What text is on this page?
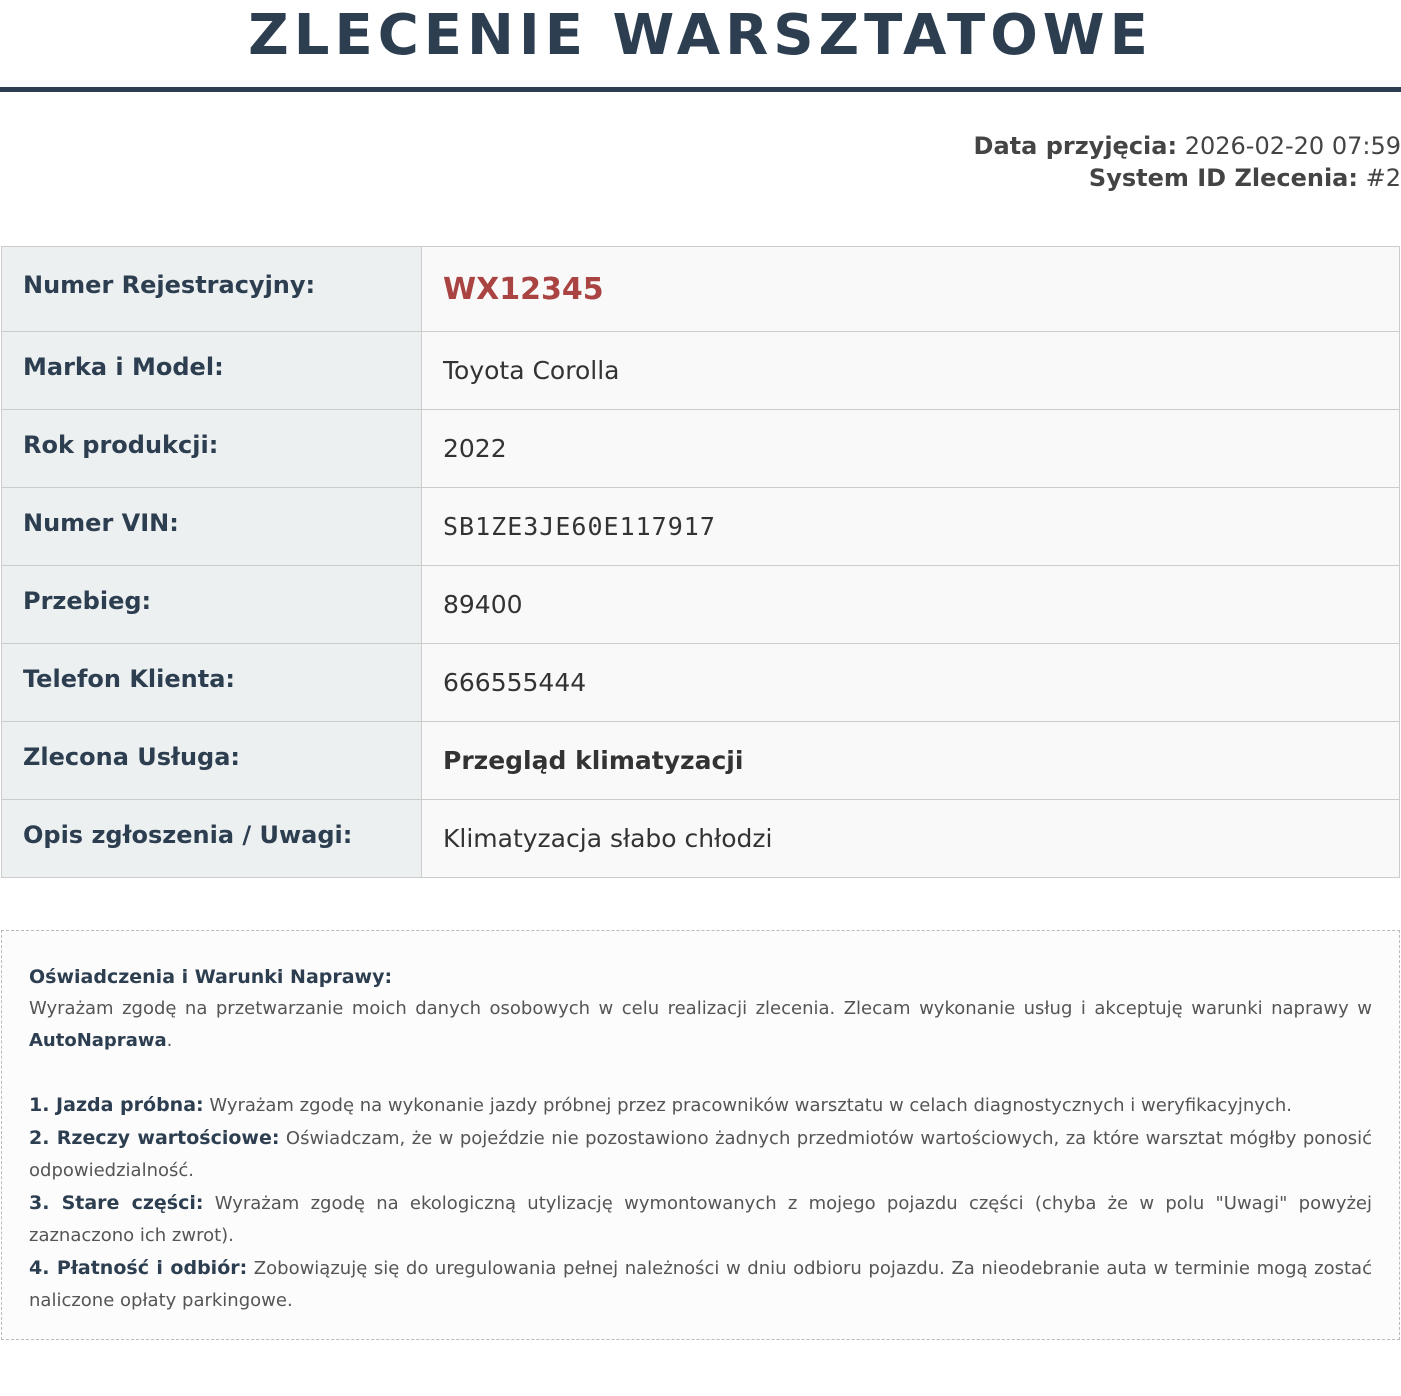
ZLECENIE WARSZTATOWE
Data przyjęcia: 2026-02-20 07:59
System ID Zlecenia: #2
Numer Rejestracyjny:	WX12345
Marka i Model:	Toyota Corolla
Rok produkcji:	2022
Numer VIN:	SB1ZE3JE60E117917
Przebieg:	89400
Telefon Klienta:	666555444
Zlecona Usługa:	Przegląd klimatyzacji
Opis zgłoszenia / Uwagi:	Klimatyzacja słabo chłodzi

Oświadczenia i Warunki Naprawy:

Wyrażam zgodę na przetwarzanie moich danych osobowych w celu realizacji zlecenia. Zlecam wykonanie usług i akceptuję warunki naprawy w AutoNaprawa.

1. Jazda próbna: Wyrażam zgodę na wykonanie jazdy próbnej przez pracowników warsztatu w celach diagnostycznych i weryfikacyjnych.

2. Rzeczy wartościowe: Oświadczam, że w pojeździe nie pozostawiono żadnych przedmiotów wartościowych, za które warsztat mógłby ponosić odpowiedzialność.

3. Stare części: Wyrażam zgodę na ekologiczną utylizację wymontowanych z mojego pojazdu części (chyba że w polu "Uwagi" powyżej zaznaczono ich zwrot).

4. Płatność i odbiór: Zobowiązuję się do uregulowania pełnej należności w dniu odbioru pojazdu. Za nieodebranie auta w terminie mogą zostać naliczone opłaty parkingowe.
